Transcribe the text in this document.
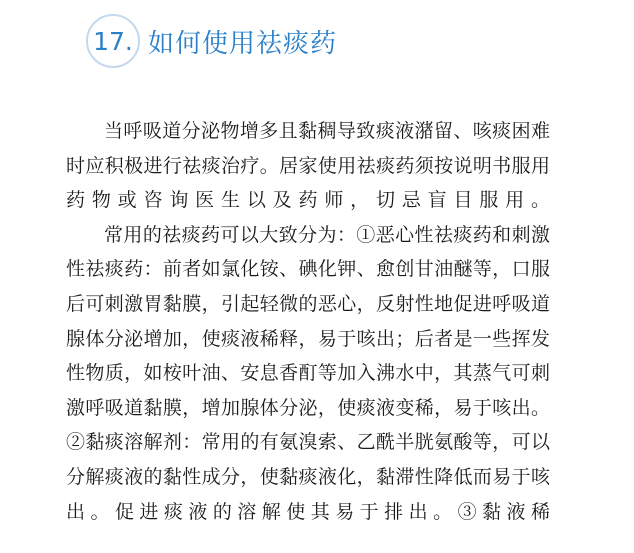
17. 如何使用祛痰药

当呼吸道分泌物增多且黏稠导致痰液潴留、咳痰困难时应积极进行祛痰治疗。居家使用祛痰药须按说明书服用药物或咨询医生以及药师，切忌盲目服用。

常用的祛痰药可以大致分为：①恶心性祛痰药和刺激性祛痰药：前者如氯化铵、碘化钾、愈创甘油醚等，口服后可刺激胃黏膜，引起轻微的恶心，反射性地促进呼吸道腺体分泌增加，使痰液稀释，易于咳出；后者是一些挥发性物质，如桉叶油、安息香酊等加入沸水中，其蒸气可刺激呼吸道黏膜，增加腺体分泌，使痰液变稀，易于咳出。②黏痰溶解剂：常用的有氨溴索、乙酰半胱氨酸等，可以分解痰液的黏性成分，使黏痰液化，黏滞性降低而易于咳出。促进痰液的溶解使其易于排出。③黏液稀
